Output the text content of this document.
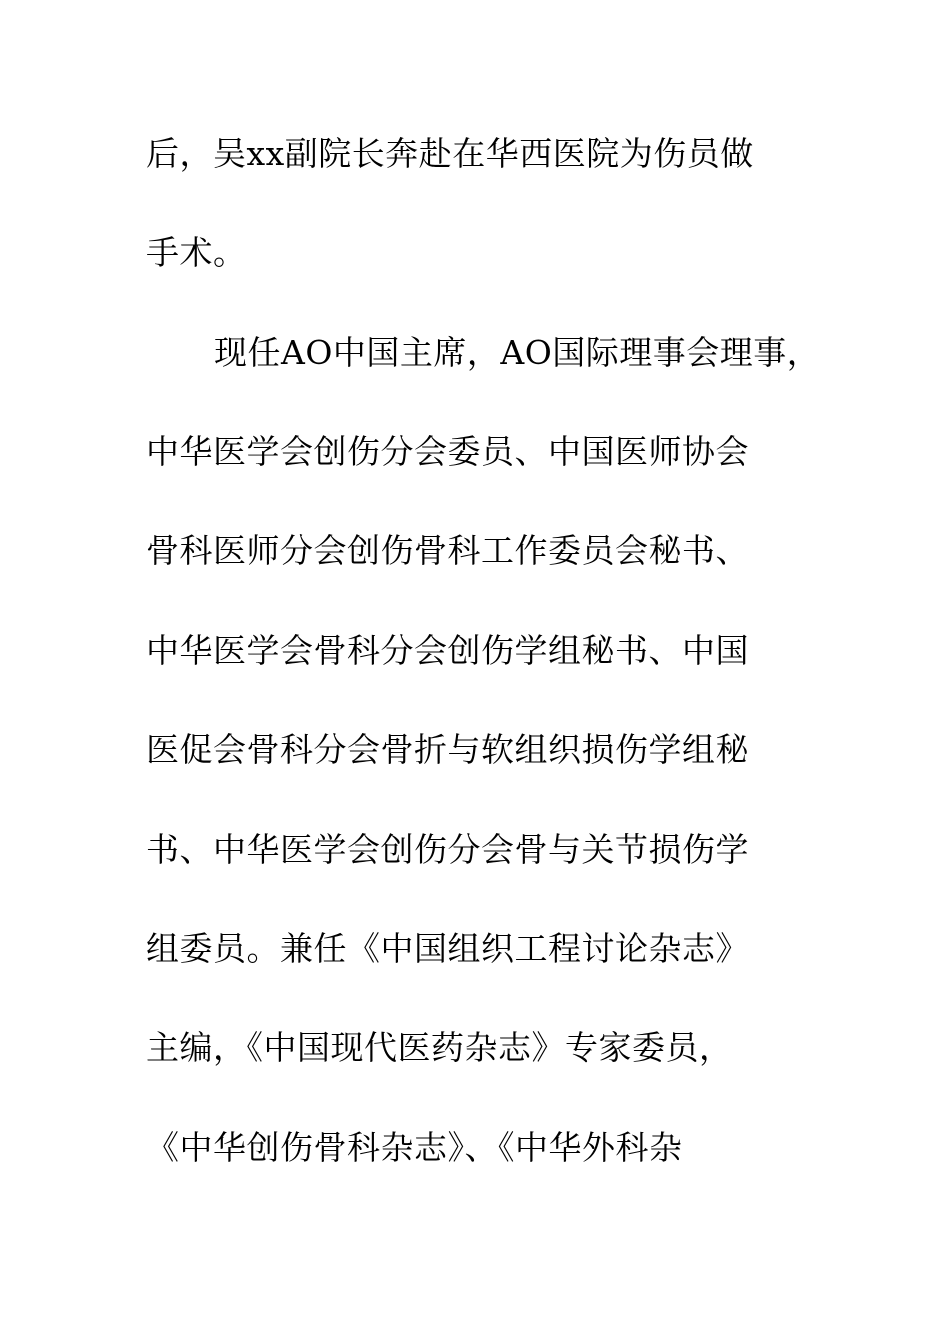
后，吴xx副院长奔赴在华西医院为伤员做
手术。
现任AO中国主席，AO国际理事会理事，
中华医学会创伤分会委员、中国医师协会
骨科医师分会创伤骨科工作委员会秘书、
中华医学会骨科分会创伤学组秘书、中国
医促会骨科分会骨折与软组织损伤学组秘
书、中华医学会创伤分会骨与关节损伤学
组委员。兼任《中国组织工程讨论杂志》
主编，《中国现代医药杂志》专家委员，
《中华创伤骨科杂志》、《中华外科杂
